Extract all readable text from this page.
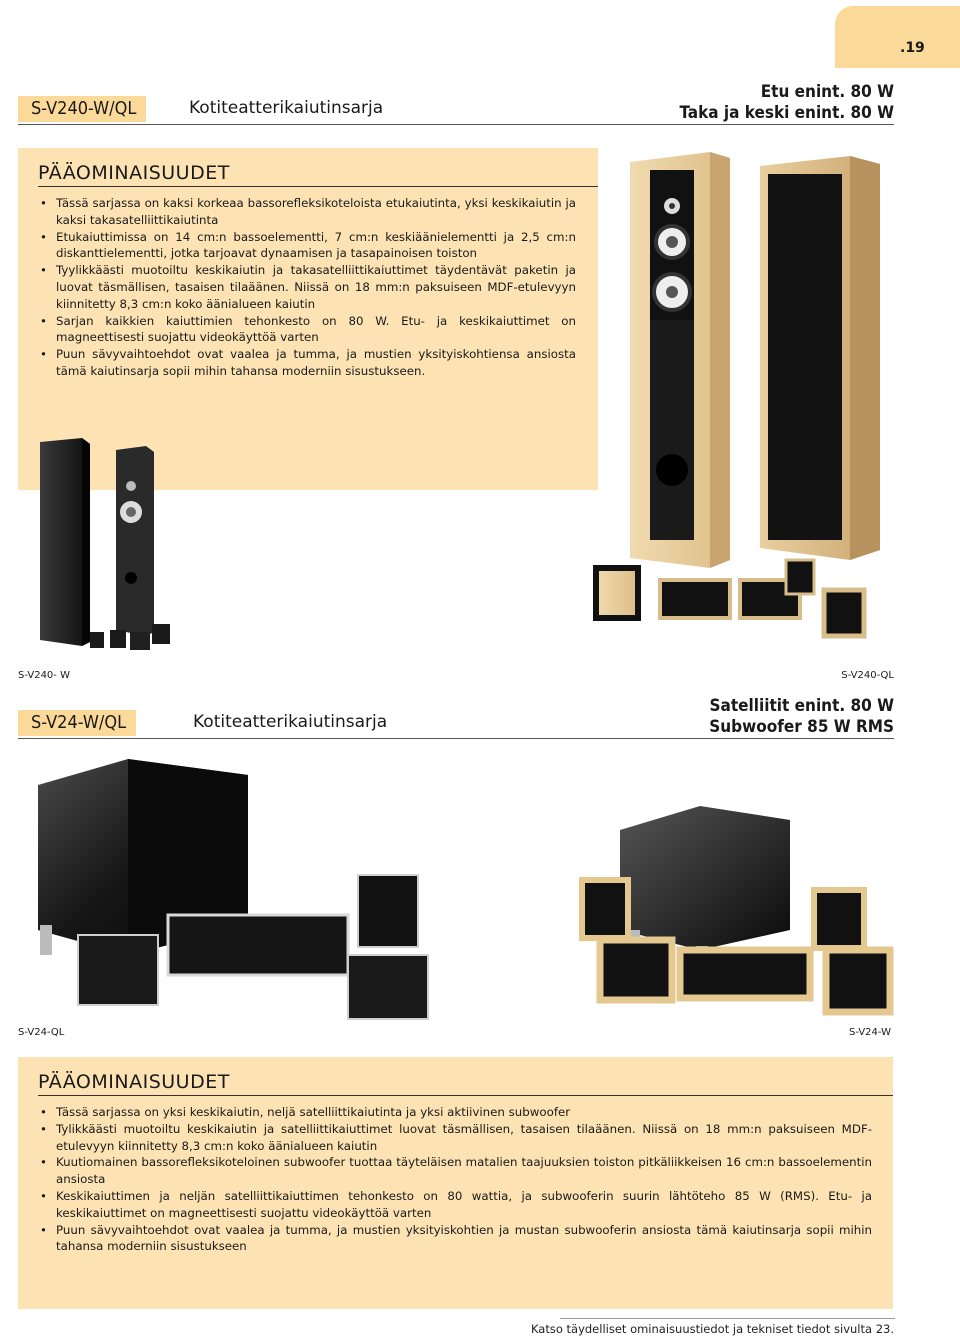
.19
S-V240-W/QL	Kotiteatterikaiutinsarja
Etu enint. 80 W
Taka ja keski enint. 80 W
PÄÄOMINAISUUDET
• Tässä sarjassa on kaksi korkeaa bassorefleksikoteloista etukaiutinta, yksi keskikaiutin ja kaksi takasatelliittikaiutinta
• Etukaiuttimissa on 14 cm:n bassoelementti, 7 cm:n keskiäänielementti ja 2,5 cm:n diskanttielementti, jotka tarjoavat dynaamisen ja tasapainoisen toiston
• Tyylikkäästi muotoiltu keskikaiutin ja takasatelliittikaiuttimet täydentävät paketin ja luovat täsmällisen, tasaisen tilaäänen. Niissä on 18 mm:n paksuiseen MDF-etulevyyn kiinnitetty 8,3 cm:n koko äänialueen kaiutin
• Sarjan kaikkien kaiuttimien tehonkesto on 80 W. Etu- ja keskikaiuttimet on magneettisesti suojattu videokäyttöä varten
• Puun sävyvaihtoehdot ovat vaalea ja tumma, ja mustien yksityiskohtiensa ansiosta tämä kaiutinsarja sopii mihin tahansa moderniin sisustukseen.
S-V240- W	S-V240-QL
S-V24-W/QL	Kotiteatterikaiutinsarja
Satelliitit enint. 80 W
Subwoofer 85 W RMS
S-V24-QL	S-V24-W
PÄÄOMINAISUUDET
• Tässä sarjassa on yksi keskikaiutin, neljä satelliittikaiutinta ja yksi aktiivinen subwoofer
• Tylikkäästi muotoiltu keskikaiutin ja satelliittikaiuttimet luovat täsmällisen, tasaisen tilaäänen. Niissä on 18 mm:n paksuiseen MDF-etulevyyn kiinnitetty 8,3 cm:n koko äänialueen kaiutin
• Kuutiomainen bassorefleksikoteloinen subwoofer tuottaa täyteläisen matalien taajuuksien toiston pitkäliikkeisen 16 cm:n bassoelementin ansiosta
• Keskikaiuttimen ja neljän satelliittikaiuttimen tehonkesto on 80 wattia, ja subwooferin suurin lähtöteho 85 W (RMS). Etu- ja keskikaiuttimet on magneettisesti suojattu videokäyttöä varten
• Puun sävyvaihtoehdot ovat vaalea ja tumma, ja mustien yksityiskohtien ja mustan subwooferin ansiosta tämä kaiutinsarja sopii mihin tahansa moderniin sisustukseen
Katso täydelliset ominaisuustiedot ja tekniset tiedot sivulta 23.
